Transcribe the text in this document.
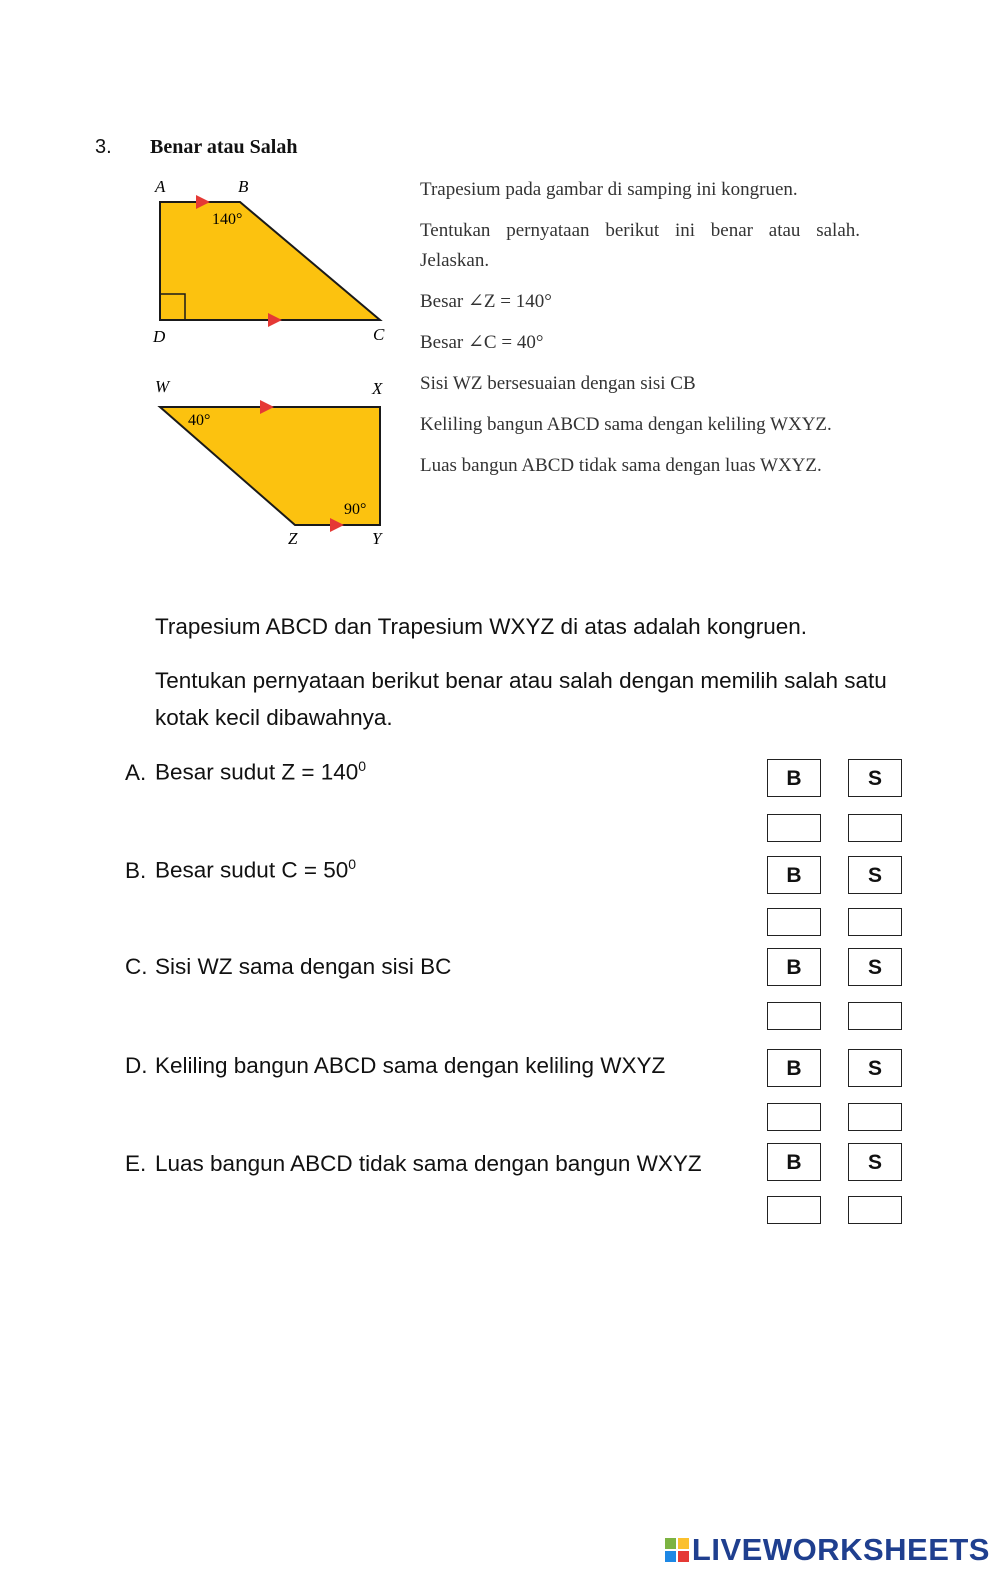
3. Benar atau Salah
A	B
C
D
140°
W	X
Y
Z
40°
90°

Trapesium pada gambar di samping ini kongruen.

Tentukan pernyataan berikut ini benar atau salah. Jelaskan.

Besar ∠Z = 140°

Besar ∠C = 40°

Sisi WZ bersesuaian dengan sisi CB

Keliling bangun ABCD sama dengan keliling WXYZ.

Luas bangun ABCD tidak sama dengan luas WXYZ.

Trapesium ABCD dan Trapesium WXYZ di atas adalah kongruen.
Tentukan pernyataan berikut benar atau salah dengan memilih salah satu kotak kecil dibawahnya.
A. Besar sudut $Z = 140^0$
B. Besar sudut $C = 50^0$
C. Sisi WZ sama dengan sisi BC
D. Keliling bangun ABCD sama dengan keliling WXYZ
E. Luas bangun ABCD tidak sama dengan bangun WXYZ
B	S
B	S
B	S
B	S
B	S
LIVEWORKSHEETS
